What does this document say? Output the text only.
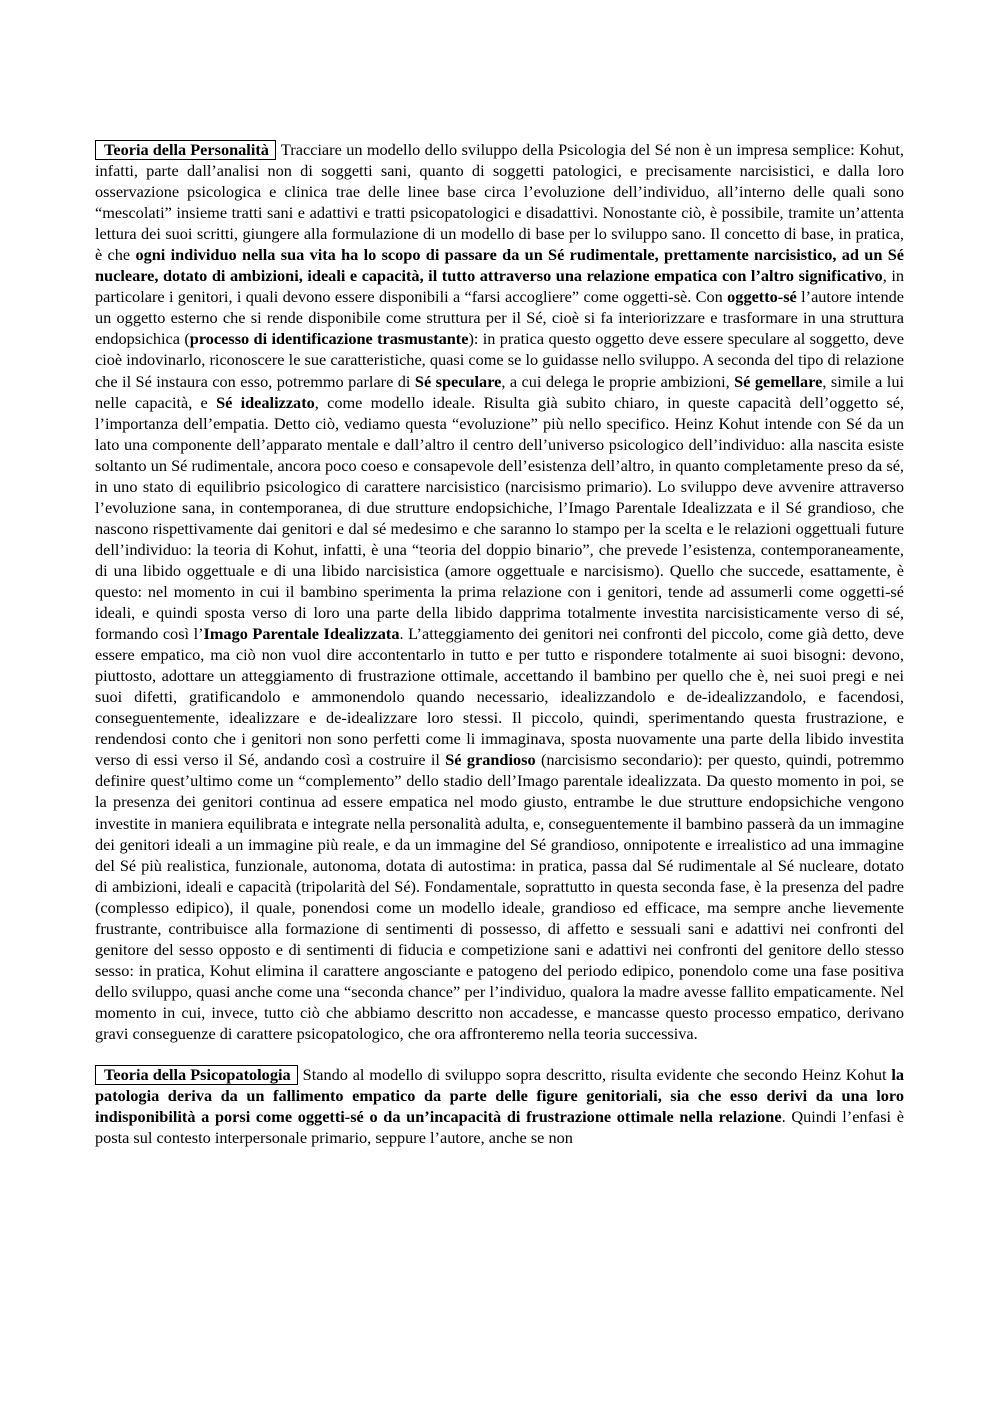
Teoria della Personalità Tracciare un modello dello sviluppo della Psicologia del Sé non è un impresa semplice: Kohut, infatti, parte dall’analisi non di soggetti sani, quanto di soggetti patologici, e precisamente narcisistici, e dalla loro osservazione psicologica e clinica trae delle linee base circa l’evoluzione dell’individuo, all’interno delle quali sono “mescolati” insieme tratti sani e adattivi e tratti psicopatologici e disadattivi. Nonostante ciò, è possibile, tramite un’attenta lettura dei suoi scritti, giungere alla formulazione di un modello di base per lo sviluppo sano. Il concetto di base, in pratica, è che ogni individuo nella sua vita ha lo scopo di passare da un Sé rudimentale, prettamente narcisistico, ad un Sé nucleare, dotato di ambizioni, ideali e capacità, il tutto attraverso una relazione empatica con l’altro significativo, in particolare i genitori, i quali devono essere disponibili a “farsi accogliere” come oggetti-sè. Con oggetto-sé l’autore intende un oggetto esterno che si rende disponibile come struttura per il Sé, cioè si fa interiorizzare e trasformare in una struttura endopsichica (processo di identificazione trasmustante): in pratica questo oggetto deve essere speculare al soggetto, deve cioè indovinarlo, riconoscere le sue caratteristiche, quasi come se lo guidasse nello sviluppo. A seconda del tipo di relazione che il Sé instaura con esso, potremmo parlare di Sé speculare, a cui delega le proprie ambizioni, Sé gemellare, simile a lui nelle capacità, e Sé idealizzato, come modello ideale. Risulta già subito chiaro, in queste capacità dell’oggetto sé, l’importanza dell’empatia. Detto ciò, vediamo questa “evoluzione” più nello specifico. Heinz Kohut intende con Sé da un lato una componente dell’apparato mentale e dall’altro il centro dell’universo psicologico dell’individuo: alla nascita esiste soltanto un Sé rudimentale, ancora poco coeso e consapevole dell’esistenza dell’altro, in quanto completamente preso da sé, in uno stato di equilibrio psicologico di carattere narcisistico (narcisismo primario). Lo sviluppo deve avvenire attraverso l’evoluzione sana, in contemporanea, di due strutture endopsichiche, l’Imago Parentale Idealizzata e il Sé grandioso, che nascono rispettivamente dai genitori e dal sé medesimo e che saranno lo stampo per la scelta e le relazioni oggettuali future dell’individuo: la teoria di Kohut, infatti, è una “teoria del doppio binario”, che prevede l’esistenza, contemporaneamente, di una libido oggettuale e di una libido narcisistica (amore oggettuale e narcisismo). Quello che succede, esattamente, è questo: nel momento in cui il bambino sperimenta la prima relazione con i genitori, tende ad assumerli come oggetti-sé ideali, e quindi sposta verso di loro una parte della libido dapprima totalmente investita narcisisticamente verso di sé, formando così l’Imago Parentale Idealizzata. L’atteggiamento dei genitori nei confronti del piccolo, come già detto, deve essere empatico, ma ciò non vuol dire accontentarlo in tutto e per tutto e rispondere totalmente ai suoi bisogni: devono, piuttosto, adottare un atteggiamento di frustrazione ottimale, accettando il bambino per quello che è, nei suoi pregi e nei suoi difetti, gratificandolo e ammonendolo quando necessario, idealizzandolo e de-idealizzandolo, e facendosi, conseguentemente, idealizzare e de-idealizzare loro stessi. Il piccolo, quindi, sperimentando questa frustrazione, e rendendosi conto che i genitori non sono perfetti come li immaginava, sposta nuovamente una parte della libido investita verso di essi verso il Sé, andando così a costruire il Sé grandioso (narcisismo secondario): per questo, quindi, potremmo definire quest’ultimo come un “complemento” dello stadio dell’Imago parentale idealizzata. Da questo momento in poi, se la presenza dei genitori continua ad essere empatica nel modo giusto, entrambe le due strutture endopsichiche vengono investite in maniera equilibrata e integrate nella personalità adulta, e, conseguentemente il bambino passerà da un immagine dei genitori ideali a un immagine più reale, e da un immagine del Sé grandioso, onnipotente e irrealistico ad una immagine del Sé più realistica, funzionale, autonoma, dotata di autostima: in pratica, passa dal Sé rudimentale al Sé nucleare, dotato di ambizioni, ideali e capacità (tripolarità del Sé). Fondamentale, soprattutto in questa seconda fase, è la presenza del padre (complesso edipico), il quale, ponendosi come un modello ideale, grandioso ed efficace, ma sempre anche lievemente frustrante, contribuisce alla formazione di sentimenti di possesso, di affetto e sessuali sani e adattivi nei confronti del genitore del sesso opposto e di sentimenti di fiducia e competizione sani e adattivi nei confronti del genitore dello stesso sesso: in pratica, Kohut elimina il carattere angosciante e patogeno del periodo edipico, ponendolo come una fase positiva dello sviluppo, quasi anche come una “seconda chance” per l’individuo, qualora la madre avesse fallito empaticamente. Nel momento in cui, invece, tutto ciò che abbiamo descritto non accadesse, e mancasse questo processo empatico, derivano gravi conseguenze di carattere psicopatologico, che ora affronteremo nella teoria successiva.

Teoria della Psicopatologia Stando al modello di sviluppo sopra descritto, risulta evidente che secondo Heinz Kohut la patologia deriva da un fallimento empatico da parte delle figure genitoriali, sia che esso derivi da una loro indisponibilità a porsi come oggetti-sé o da un’incapacità di frustrazione ottimale nella relazione. Quindi l’enfasi è posta sul contesto interpersonale primario, seppure l’autore, anche se non
